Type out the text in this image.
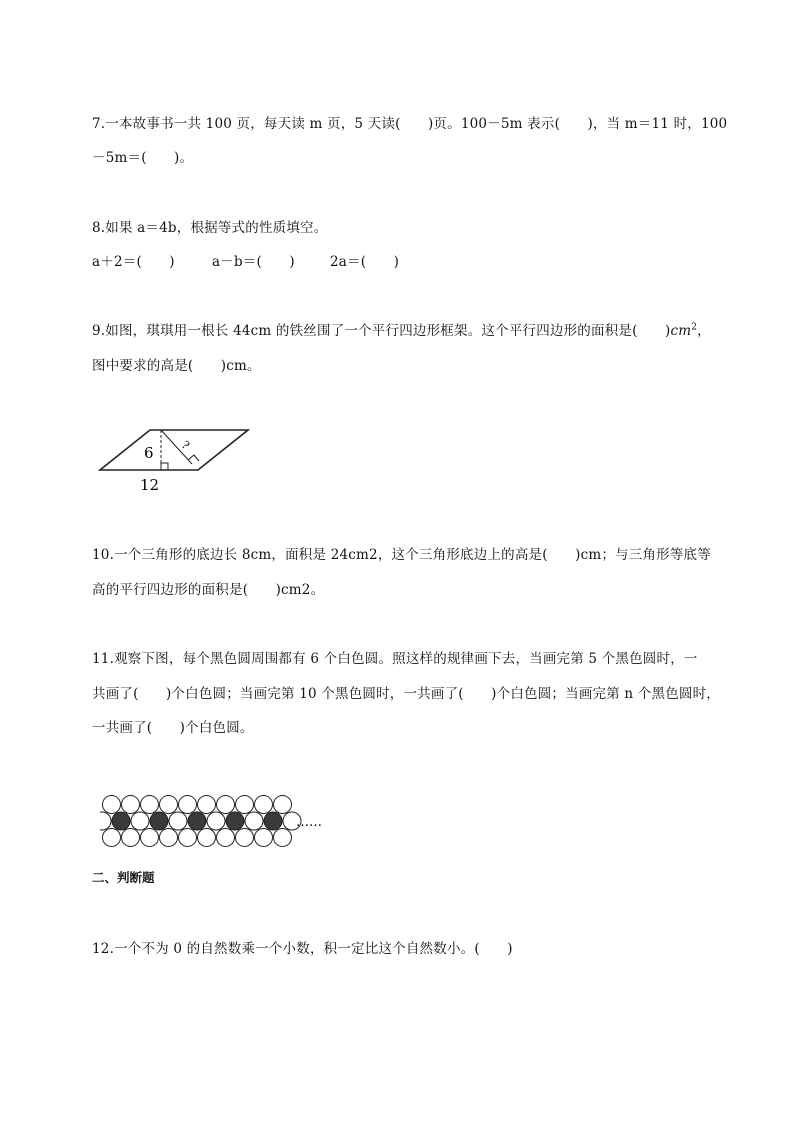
7.一本故事书一共 100 页，每天读 m 页，5 天读(　　)页。100－5m 表示(　　)，当 m＝11 时，100
－5m＝(　　)。
8.如果 a＝4b，根据等式的性质填空。
a＋2＝(　　)	a－b＝(　　)	2a＝(　　)
9.如图，琪琪用一根长 44cm 的铁丝围了一个平行四边形框架。这个平行四边形的面积是(　　)$cm^2$，
图中要求的高是(　　)cm。
6
12
?
10.一个三角形的底边长 8cm，面积是 24cm2，这个三角形底边上的高是(　　)cm；与三角形等底等
高的平行四边形的面积是(　　)cm2。
11.观察下图，每个黑色圆周围都有 6 个白色圆。照这样的规律画下去，当画完第 5 个黑色圆时，一
共画了(　　)个白色圆；当画完第 10 个黑色圆时，一共画了(　　)个白色圆；当画完第 n 个黑色圆时，
一共画了(　　)个白色圆。
……
二、判断题
12.一个不为 0 的自然数乘一个小数，积一定比这个自然数小。(　　)
